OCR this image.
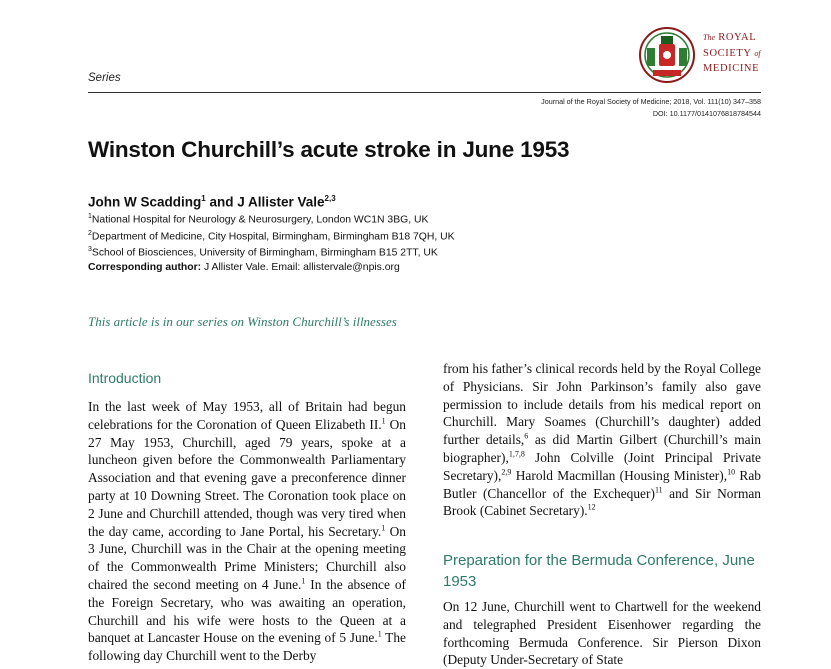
Series
The ROYAL
SOCIETY of
MEDICINE
Journal of the Royal Society of Medicine; 2018, Vol. 111(10) 347–358
DOI: 10.1177/0141076818784544
Winston Churchill’s acute stroke in June 1953
John W Scadding$^1$ and J Allister Vale$^{2,3}$
$^1$National Hospital for Neurology & Neurosurgery, London WC1N 3BG, UK
$^2$Department of Medicine, City Hospital, Birmingham, Birmingham B18 7QH, UK
$^3$School of Biosciences, University of Birmingham, Birmingham B15 2TT, UK
Corresponding author: J Allister Vale. Email: allistervale@npis.org
This article is in our series on Winston Churchill’s illnesses
Introduction

In the last week of May 1953, all of Britain had begun celebrations for the Coronation of Queen Elizabeth II.$^1$ On 27 May 1953, Churchill, aged 79 years, spoke at a luncheon given before the Commonwealth Parliamentary Association and that evening gave a preconference dinner party at 10 Downing Street. The Coronation took place on 2 June and Churchill attended, though was very tired when the day came, according to Jane Portal, his Secretary.$^1$ On 3 June, Churchill was in the Chair at the opening meeting of the Commonwealth Prime Ministers; Churchill also chaired the second meeting on 4 June.$^1$ In the absence of the Foreign Secretary, who was awaiting an operation, Churchill and his wife were hosts to the Queen at a banquet at Lancaster House on the evening of 5 June.$^1$ The following day Churchill went to the Derby

from his father’s clinical records held by the Royal College of Physicians. Sir John Parkinson’s family also gave permission to include details from his medical report on Churchill. Mary Soames (Churchill’s daughter) added further details,$^6$ as did Martin Gilbert (Churchill’s main biographer),$^{1,7,8}$ John Colville (Joint Principal Private Secretary),$^{2,9}$ Harold Macmillan (Housing Minister),$^{10}$ Rab Butler (Chancellor of the Exchequer)$^{11}$ and Sir Norman Brook (Cabinet Secretary).$^{12}$

Preparation for the Bermuda Conference, June 1953
On 12 June, Churchill went to Chartwell for the weekend and telegraphed President Eisenhower regarding the forthcoming Bermuda Conference. Sir Pierson Dixon (Deputy Under-Secretary of State
